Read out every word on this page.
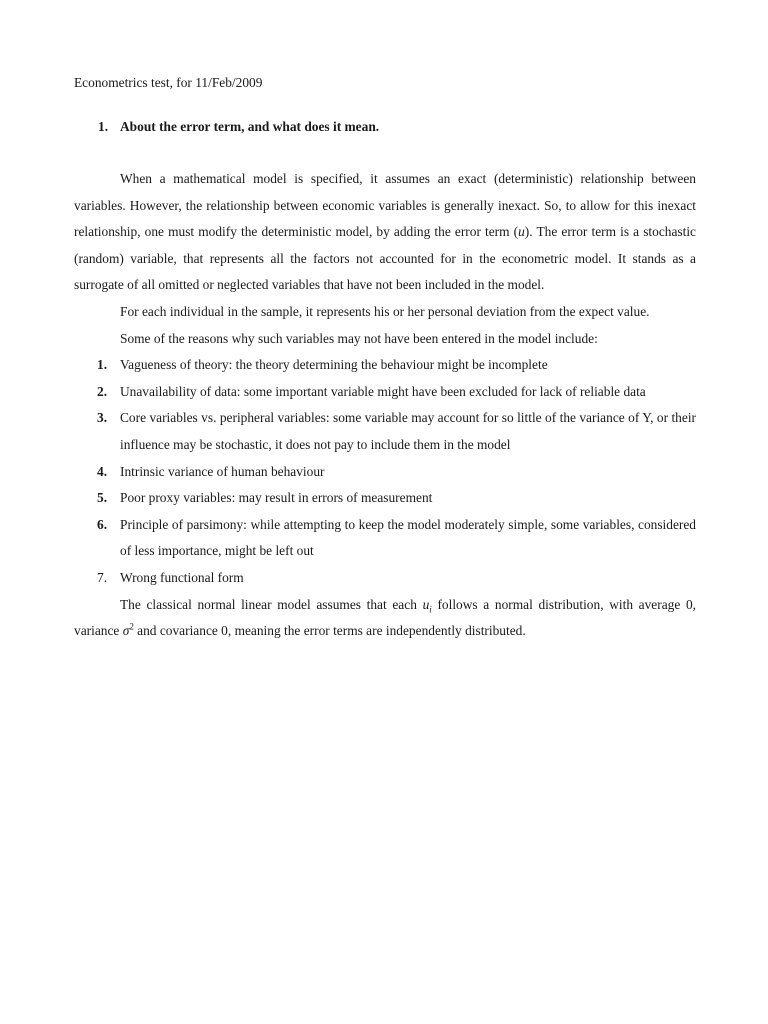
Econometrics test, for 11/Feb/2009

1. About the error term, and what does it mean.

When a mathematical model is specified, it assumes an exact (deterministic) relationship between variables. However, the relationship between economic variables is generally inexact. So, to allow for this inexact relationship, one must modify the deterministic model, by adding the error term (u). The error term is a stochastic (random) variable, that represents all the factors not accounted for in the econometric model. It stands as a surrogate of all omitted or neglected variables that have not been included in the model.

For each individual in the sample, it represents his or her personal deviation from the expect value.

Some of the reasons why such variables may not have been entered in the model include:

1. Vagueness of theory: the theory determining the behaviour might be incomplete
2. Unavailability of data: some important variable might have been excluded for lack of reliable data
3. Core variables vs. peripheral variables: some variable may account for so little of the variance of Y, or their influence may be stochastic, it does not pay to include them in the model
4. Intrinsic variance of human behaviour
5. Poor proxy variables: may result in errors of measurement
6. Principle of parsimony: while attempting to keep the model moderately simple, some variables, considered of less importance, might be left out
7. Wrong functional form

The classical normal linear model assumes that each $u_i$ follows a normal distribution, with average 0, variance $\sigma^2$ and covariance 0, meaning the error terms are independently distributed.
